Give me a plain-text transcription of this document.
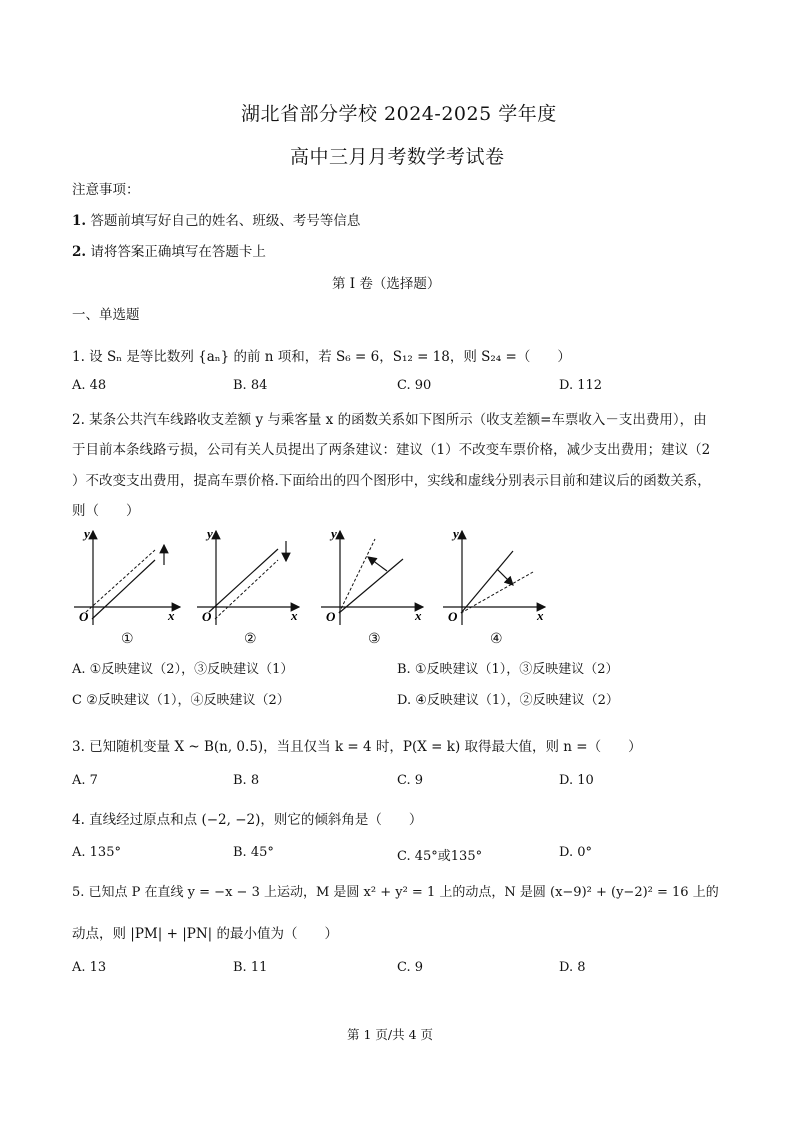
湖北省部分学校 2024-2025 学年度
高中三月月考数学考试卷
注意事项：
1. 答题前填写好自己的姓名、班级、考号等信息
2. 请将答案正确填写在答题卡上
第 I 卷（选择题）
一、单选题
1. 设 Sₙ 是等比数列 {aₙ} 的前 n 项和，若 S₆ = 6，S₁₂ = 18，则 S₂₄ =（　　）
A. 48	B. 84	C. 90	D. 112
2. 某条公共汽车线路收支差额 y 与乘客量 x 的函数关系如下图所示（收支差额=车票收入－支出费用），由
于目前本条线路亏损，公司有关人员提出了两条建议：建议（1）不改变车票价格，减少支出费用；建议（2
）不改变支出费用，提高车票价格.下面给出的四个图形中，实线和虚线分别表示目前和建议后的函数关系，
则（　　）
y
x
O
①
y
x
O
②
y
x
O
③
y
x
O
④
A. ①反映建议（2），③反映建议（1）	B. ①反映建议（1），③反映建议（2）
C ②反映建议（1），④反映建议（2）	D. ④反映建议（1），②反映建议（2）
3. 已知随机变量 X ~ B(n, 0.5)，当且仅当 k = 4 时，P(X = k) 取得最大值，则 n =（　　）
A. 7	B. 8	C. 9	D. 10
4. 直线经过原点和点 (−2, −2)，则它的倾斜角是（　　）
A. 135°	B. 45°	C. 45°或135°	D. 0°
5. 已知点 P 在直线 y = −x − 3 上运动，M 是圆 x² + y² = 1 上的动点，N 是圆 (x−9)² + (y−2)² = 16 上的
动点，则 |PM| + |PN| 的最小值为（　　）
A. 13	B. 11	C. 9	D. 8
第 1 页/共 4 页
